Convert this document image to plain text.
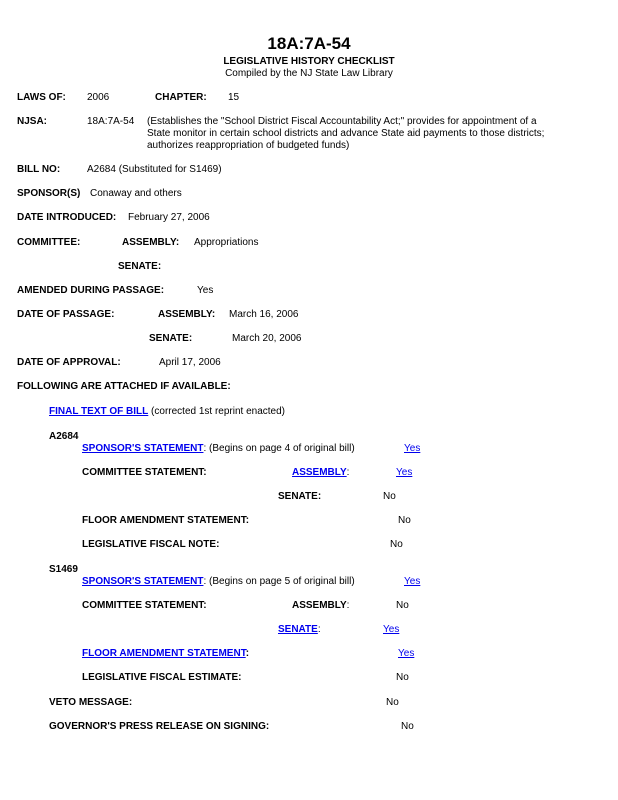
18A:7A-54
LEGISLATIVE HISTORY CHECKLIST
Compiled by the NJ State Law Library
LAWS OF: 2006	CHAPTER: 15
NJSA:	18A:7A-54 (Establishes the "School District Fiscal Accountability Act;" provides for appointment of a State monitor in certain school districts and advance State aid payments to those districts; authorizes reappropriation of budgeted funds)
BILL NO:	A2684 (Substituted for S1469)
SPONSOR(S) Conaway and others
DATE INTRODUCED: February 27, 2006
COMMITTEE:	ASSEMBLY: Appropriations
SENATE:
AMENDED DURING PASSAGE:	Yes
DATE OF PASSAGE:	ASSEMBLY: March 16, 2006
SENATE:	March 20, 2006
DATE OF APPROVAL:	April 17, 2006
FOLLOWING ARE ATTACHED IF AVAILABLE:
FINAL TEXT OF BILL (corrected 1st reprint enacted)
A2684
SPONSOR'S STATEMENT: (Begins on page 4 of original bill)	Yes
COMMITTEE STATEMENT:	ASSEMBLY:	Yes
SENATE:	No
FLOOR AMENDMENT STATEMENT:	No
LEGISLATIVE FISCAL NOTE:	No
S1469
SPONSOR'S STATEMENT: (Begins on page 5 of original bill)	Yes
COMMITTEE STATEMENT:	ASSEMBLY:	No
SENATE:	Yes
FLOOR AMENDMENT STATEMENT:	Yes
LEGISLATIVE FISCAL ESTIMATE:	No
VETO MESSAGE:	No
GOVERNOR'S PRESS RELEASE ON SIGNING:	No
